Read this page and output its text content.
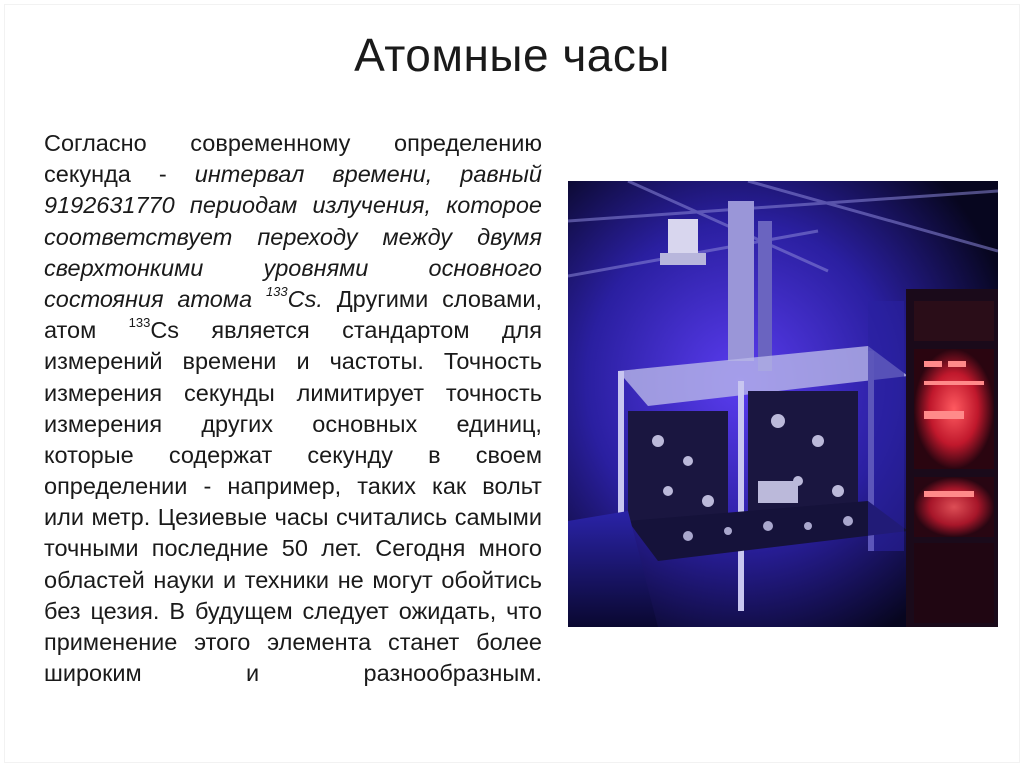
Атомные часы
Согласно современному определению
секунда - интервал времени, равный
9192631770 периодам излучения, которое
соответствует переходу между двумя
сверхтонкими	уровнями	основного
состояния атома $^{133}$Cs. Другими словами,
атом $^{133}$Cs является стандартом для
измерений времени и частоты. Точность
измерения секунды лимитирует точность
измерения других основных единиц,
которые содержат секунду в своем
определении - например, таких как вольт
или метр. Цезиевые часы считались самыми
точными последние 50 лет. Сегодня много
областей науки и техники не могут обойтись
без цезия. В будущем следует ожидать, что
применение этого элемента станет более
широким	и	разнообразным.
